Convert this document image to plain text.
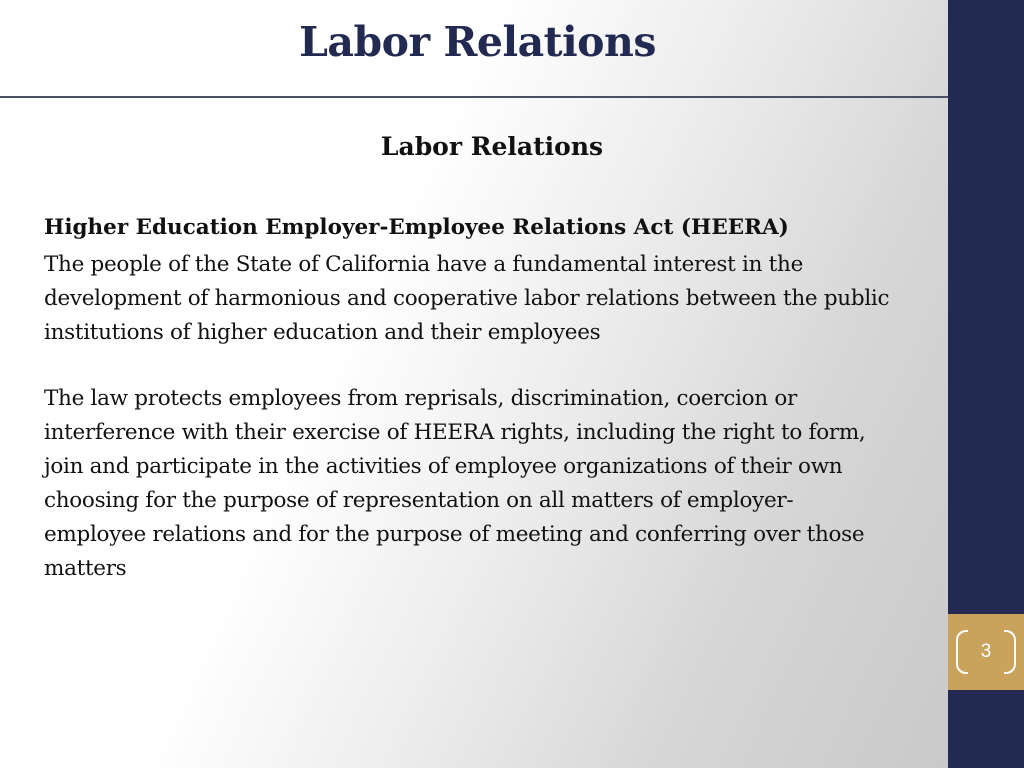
Labor Relations
Labor Relations
Higher Education Employer-Employee Relations Act (HEERA)

The people of the State of California have a fundamental interest in the development of harmonious and cooperative labor relations between the public institutions of higher education and their employees

The law protects employees from reprisals, discrimination, coercion or interference with their exercise of HEERA rights, including the right to form, join and participate in the activities of employee organizations of their own choosing for the purpose of representation on all matters of employer-employee relations and for the purpose of meeting and conferring over those matters

3
